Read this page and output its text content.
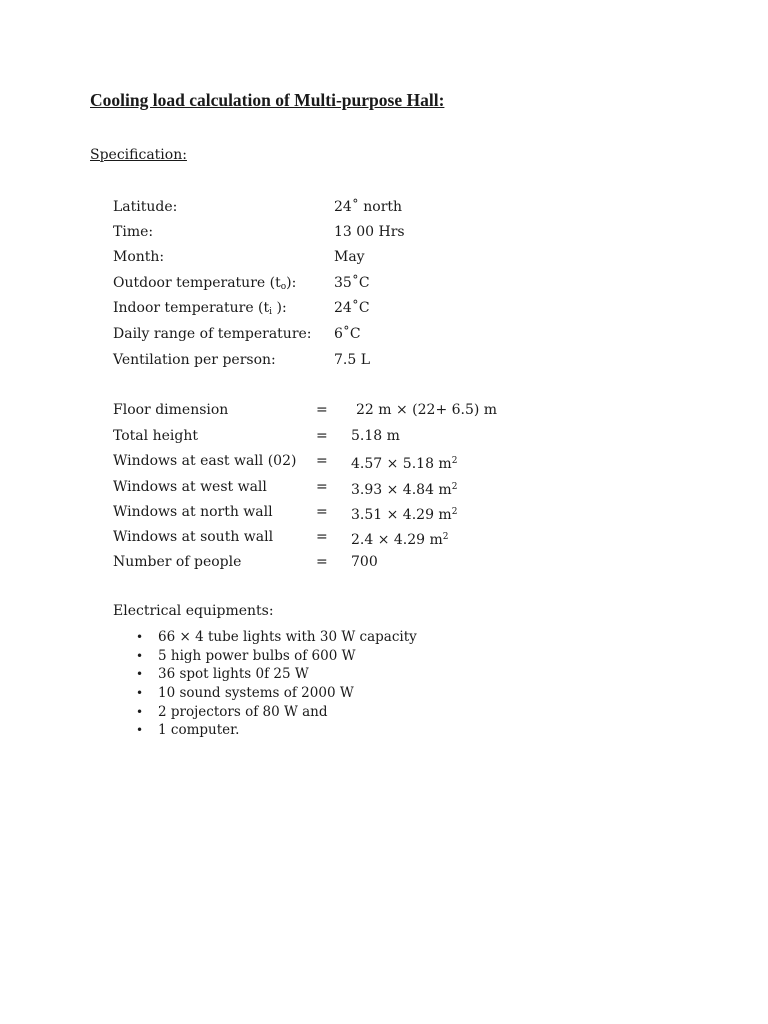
Cooling load calculation of Multi-purpose Hall:
Specification:
Latitude:	24˚ north
Time:	13 00 Hrs
Month:	May
Outdoor temperature $(t_o)$:	35˚C
Indoor temperature ($t_i$ ):	24˚C
Daily range of temperature: 6˚C
Ventilation per person:	7.5 L
Floor dimension	= 22 m × (22+ 6.5) m
Total height	= 5.18 m
Windows at east wall (02) = 4.57 × 5.18 $m^2$
Windows at west wall	= 3.93 × 4.84 $m^2$
Windows at north wall	= 3.51 × 4.29 $m^2$
Windows at south wall	= 2.4 × 4.29 $m^2$
Number of people	= 700
Electrical equipments:
• 66 × 4 tube lights with 30 W capacity
• 5 high power bulbs of 600 W
• 36 spot lights 0f 25 W
• 10 sound systems of 2000 W
• 2 projectors of 80 W and
• 1 computer.
